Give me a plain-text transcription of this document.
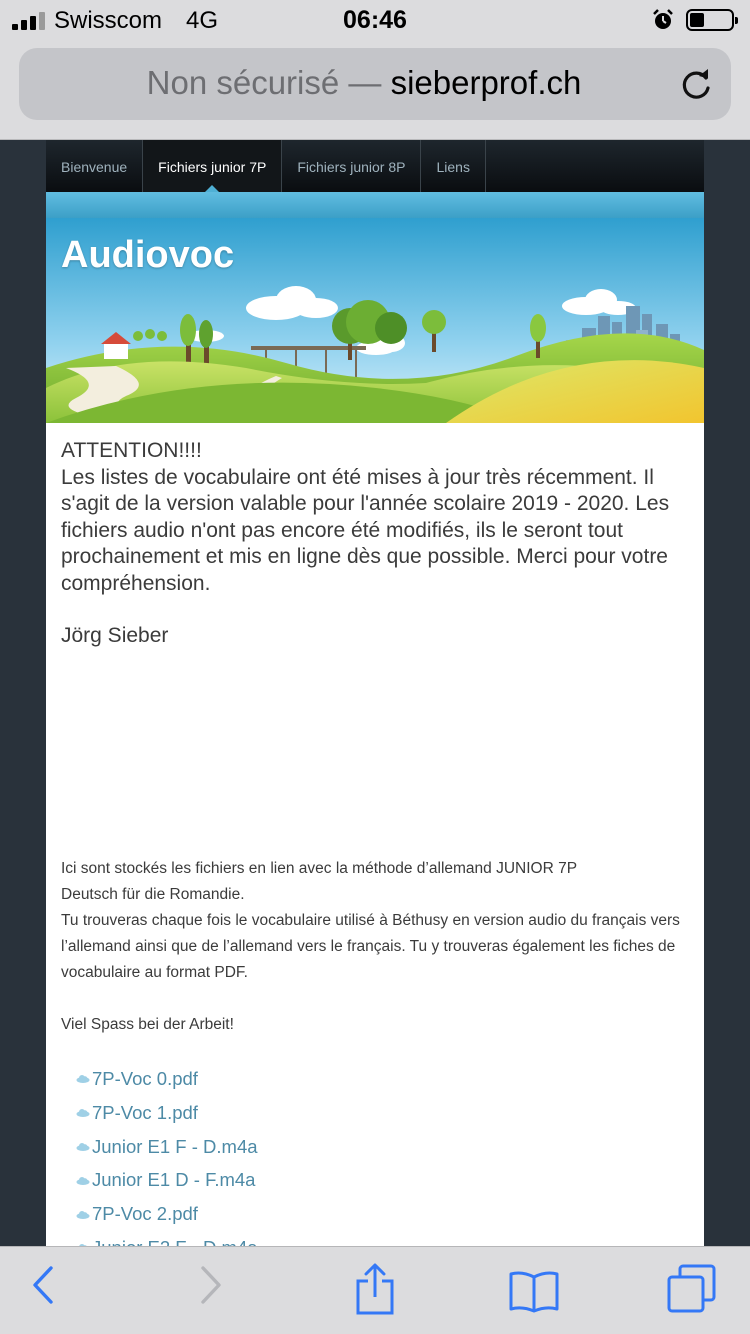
Swisscom 4G	06:46
Non sécurisé — sieberprof.ch
Bienvenue	Fichiers junior 7P	Fichiers junior 8P	Liens
Audiovoc
ATTENTION!!!!
Les listes de vocabulaire ont été mises à jour très récemment. Il s'agit de la version valable pour l'année scolaire 2019 - 2020. Les fichiers audio n'ont pas encore été modifiés, ils le seront tout prochainement et mis en ligne dès que possible. Merci pour votre compréhension.
Jörg Sieber
Ici sont stockés les fichiers en lien avec la méthode d’allemand JUNIOR 7P
Deutsch für die Romandie.
Tu trouveras chaque fois le vocabulaire utilisé à Béthusy en version audio du français vers l’allemand ainsi que de l’allemand vers le français. Tu y trouveras également les fiches de vocabulaire au format PDF.
Viel Spass bei der Arbeit!
7P-Voc 0.pdf
7P-Voc 1.pdf
Junior E1 F - D.m4a
Junior E1 D - F.m4a
7P-Voc 2.pdf
